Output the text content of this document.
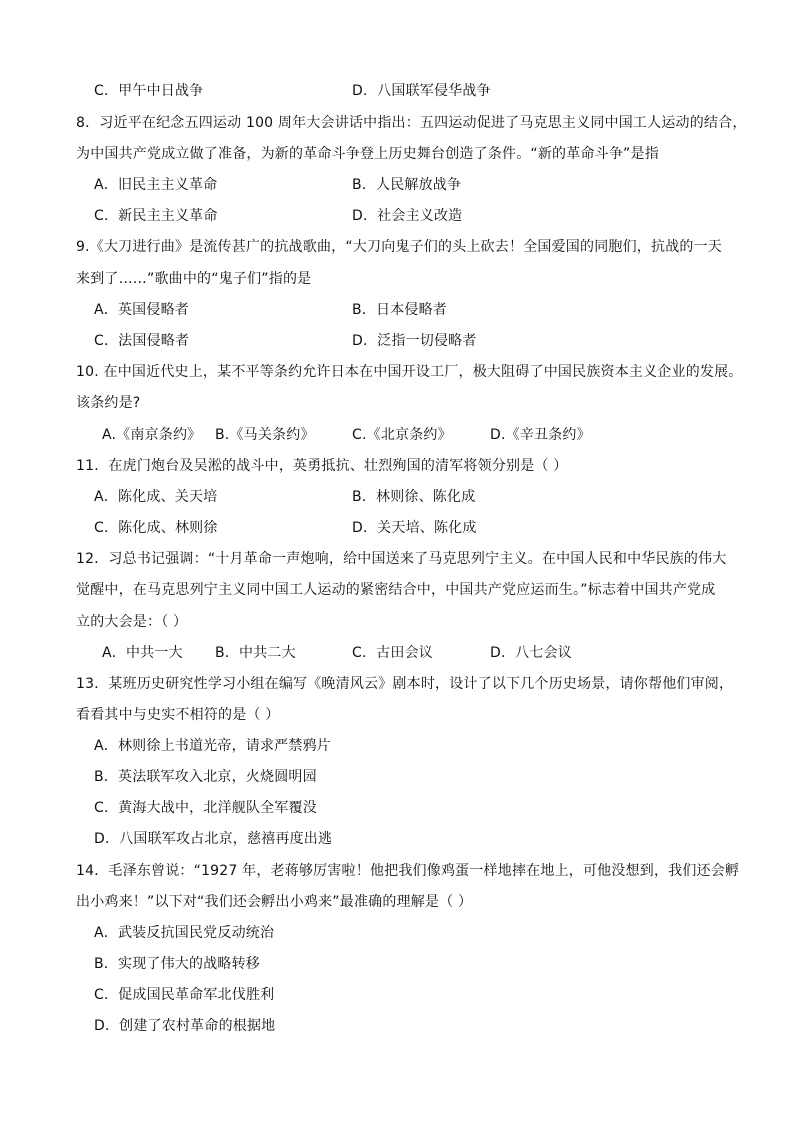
C．甲午中日战争	D．八国联军侵华战争
8．习近平在纪念五四运动 100 周年大会讲话中指出：五四运动促进了马克思主义同中国工人运动的结合，
为中国共产党成立做了准备，为新的革命斗争登上历史舞台创造了条件。“新的革命斗争”是指
A．旧民主主义革命	B．人民解放战争
C．新民主主义革命	D．社会主义改造
9.《大刀进行曲》是流传甚广的抗战歌曲，“大刀向鬼子们的头上砍去！全国爱国的同胞们，抗战的一天
来到了……”歌曲中的“鬼子们”指的是
A．英国侵略者	B．日本侵略者
C．法国侵略者	D．泛指一切侵略者
10. 在中国近代史上，某不平等条约允许日本在中国开设工厂，极大阻碍了中国民族资本主义企业的发展。
该条约是?
A.《南京条约》 B.《马关条约》	C.《北京条约》	D.《辛丑条约》
11．在虎门炮台及吴淞的战斗中，英勇抵抗、壮烈殉国的清军将领分别是（ ）
A．陈化成、关天培	B．林则徐、陈化成
C．陈化成、林则徐	D．关天培、陈化成
12．习总书记强调：“十月革命一声炮响，给中国送来了马克思列宁主义。在中国人民和中华民族的伟大
觉醒中，在马克思列宁主义同中国工人运动的紧密结合中，中国共产党应运而生。”标志着中国共产党成
立的大会是：（ ）
A．中共一大 B．中共二大	C．古田会议	D．八七会议
13．某班历史研究性学习小组在编写《晚清风云》剧本时，设计了以下几个历史场景，请你帮他们审阅，
看看其中与史实不相符的是（ ）
A．林则徐上书道光帝，请求严禁鸦片
B．英法联军攻入北京，火烧圆明园
C．黄海大战中，北洋舰队全军覆没
D．八国联军攻占北京，慈禧再度出逃
14．毛泽东曾说：“1927 年，老蒋够厉害啦！他把我们像鸡蛋一样地摔在地上，可他没想到，我们还会孵
出小鸡来！”以下对“我们还会孵出小鸡来”最准确的理解是（ ）
A．武装反抗国民党反动统治
B．实现了伟大的战略转移
C．促成国民革命军北伐胜利
D．创建了农村革命的根据地
